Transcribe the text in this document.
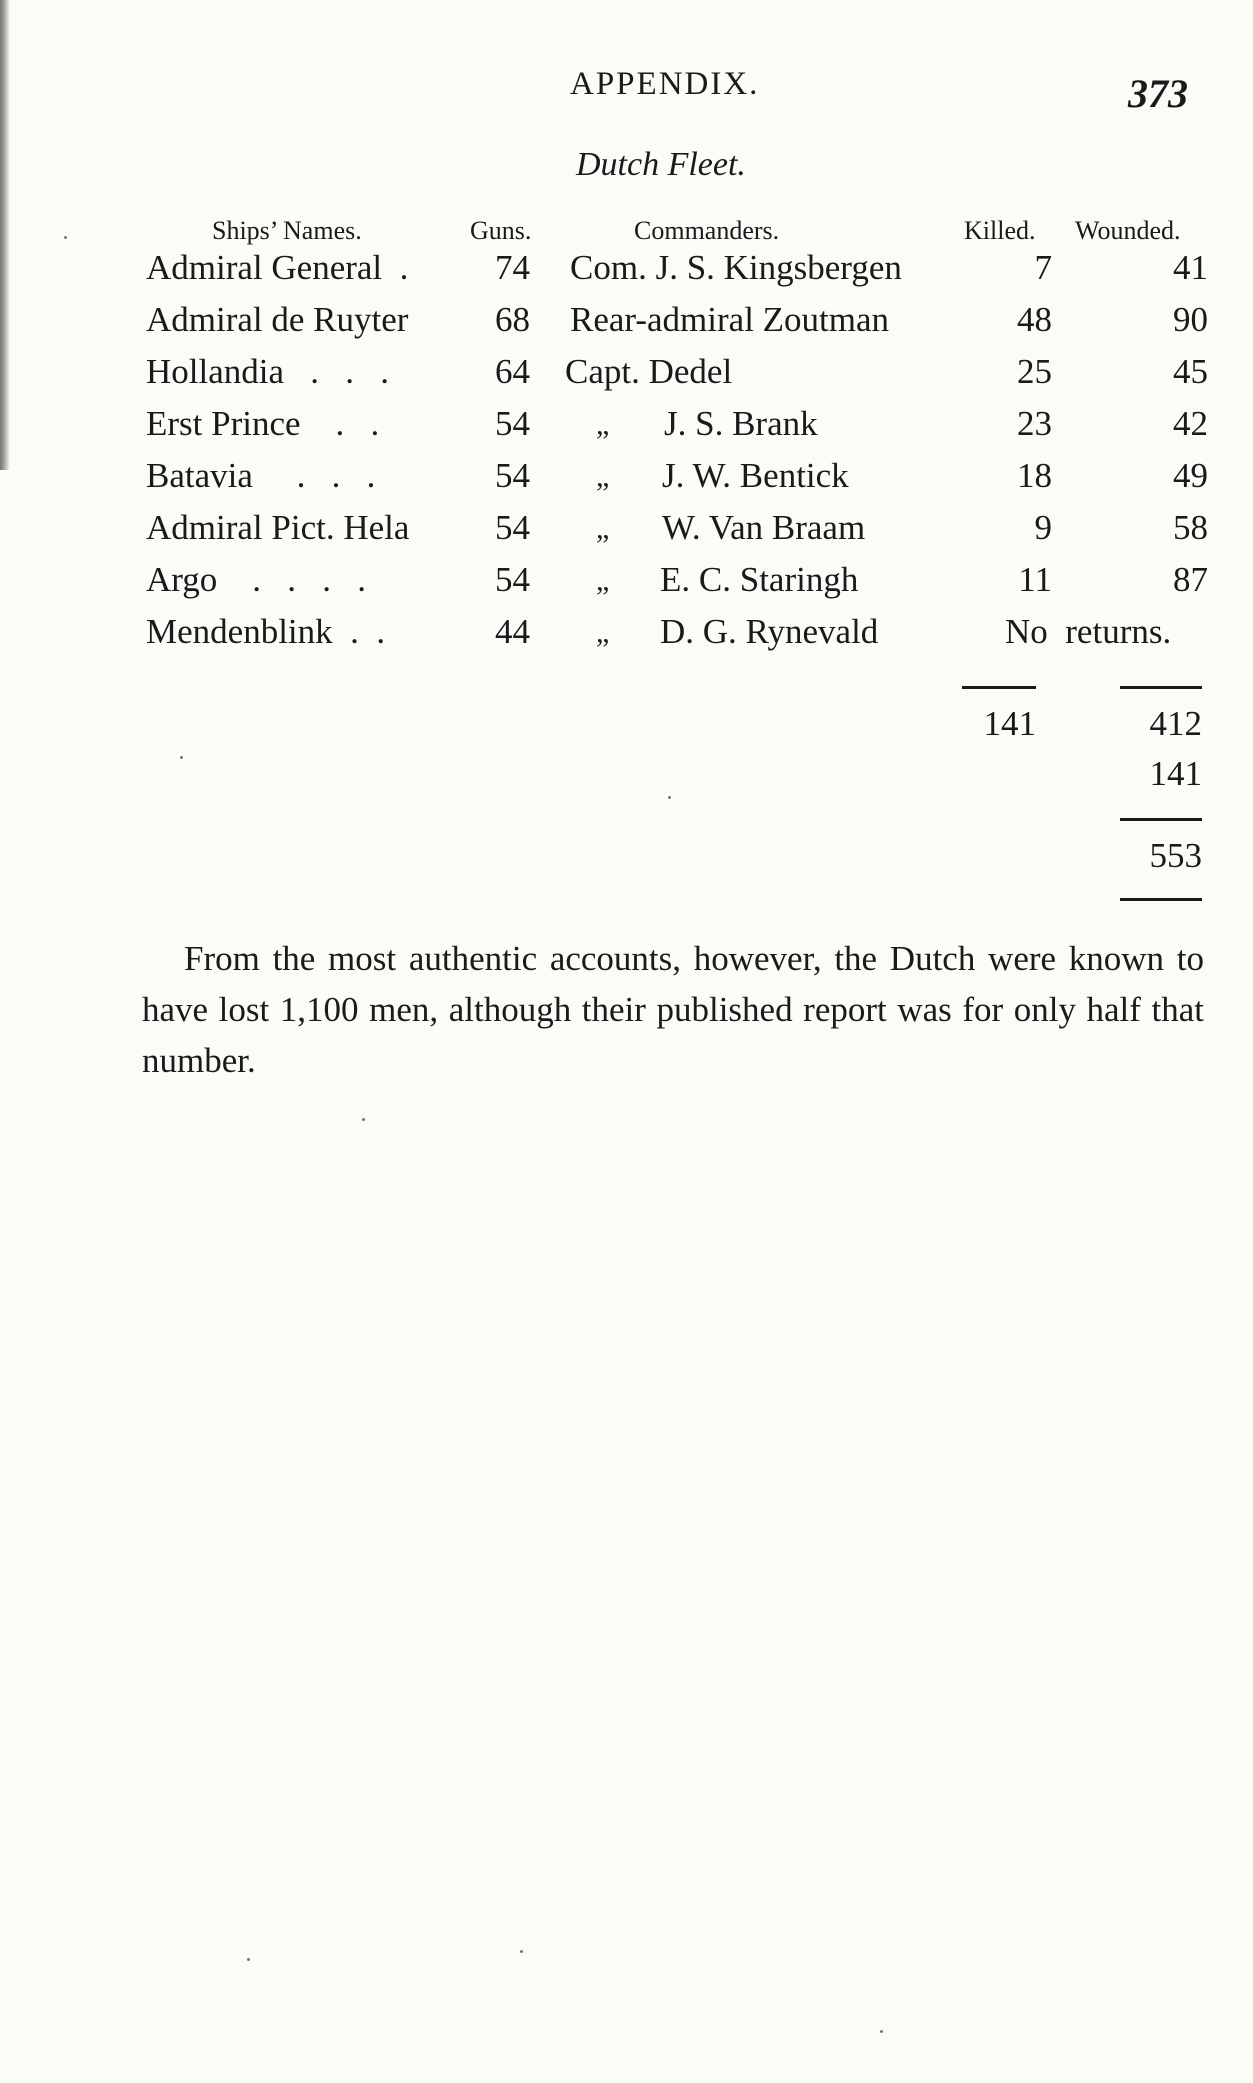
APPENDIX.	373
Dutch Fleet.
Ships’ Names.	Guns.	Commanders.	Killed. Wounded.
Admiral General  .	74 Com. J. S. Kingsbergen	7	41
Admiral de Ruyter	68 Rear-admiral Zoutman	48	90
Hollandia   .   .   .	64 Capt. Dedel	25	45
Erst Prince    .   .	54 „ J. S. Brank	23	42
Batavia     .   .   .	54 „ J. W. Bentick	18	49
Admiral Pict. Hela	54 „ W. Van Braam	9	58
Argo    .   .   .   .	54 „ E. C. Staringh	11	87
Mendenblink  .  .	44 „ D. G. Rynevald	No  returns.
141	412
141
553

From the most authentic accounts, however, the Dutch were known to have lost 1,100 men, although their published report was for only half that number.
